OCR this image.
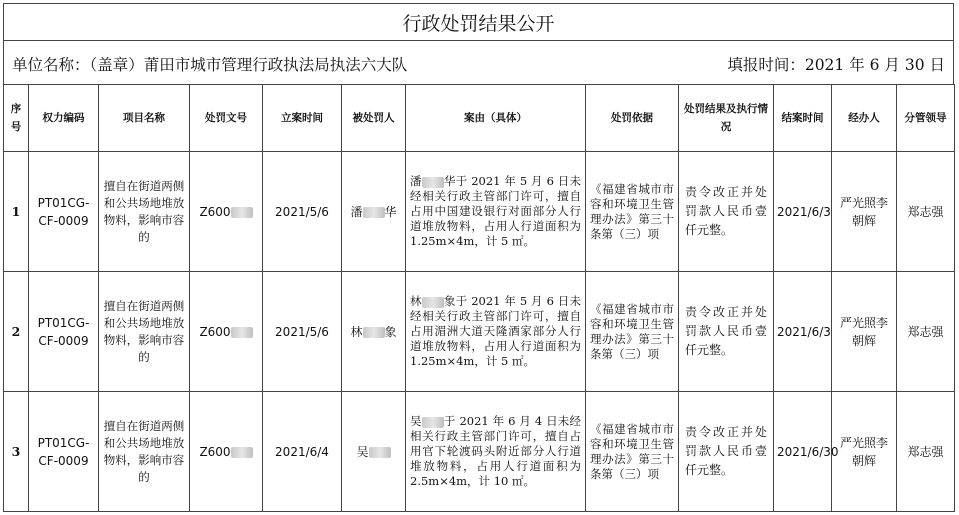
行政处罚结果公开
单位名称：（盖章）莆田市城市管理行政执法局执法六大队	填报时间：2021 年 6 月 30 日
序号	权力编码	项目名称	处罚文号	立案时间	被处罚人	案由（具体）	处罚依据	处罚结果及执行情况	结案时间	经办人	分管领导
1	PT01CG-CF-0009	擅自在街道两侧和公共场地堆放物料，影响市容的	Z600	2021/5/6	潘 华	潘 华于 2021 年 5 月 6 日未经相关行政主管部门许可，擅自占用中国建设银行对面部分人行道堆放物料，占用人行道面积为 1.25m×4m，计 5 ㎡。	《福建省城市市容和环境卫生管理办法》第三十条第（三）项	责令改正并处罚款人民币壹仟元整。	2021/6/3	严光照李朝辉	郑志强
2	PT01CG-CF-0009	擅自在街道两侧和公共场地堆放物料，影响市容的	Z600	2021/5/6	林 象	林 象于 2021 年 5 月 6 日未经相关行政主管部门许可，擅自占用湄洲大道天隆酒家部分人行道堆放物料，占用人行道面积为 1.25m×4m，计 5 ㎡。	《福建省城市市容和环境卫生管理办法》第三十条第（三）项	责令改正并处罚款人民币壹仟元整。	2021/6/3	严光照李朝辉	郑志强
3	PT01CG-CF-0009	擅自在街道两侧和公共场地堆放物料，影响市容的	Z600	2021/6/4	吴	吴 于 2021 年 6 月 4 日未经相关行政主管部门许可，擅自占用官下轮渡码头附近部分人行道堆放物料，占用人行道面积为 2.5m×4m，计 10 ㎡。	《福建省城市市容和环境卫生管理办法》第三十条第（三）项	责令改正并处罚款人民币壹仟元整。	2021/6/30	严光照李朝辉	郑志强
